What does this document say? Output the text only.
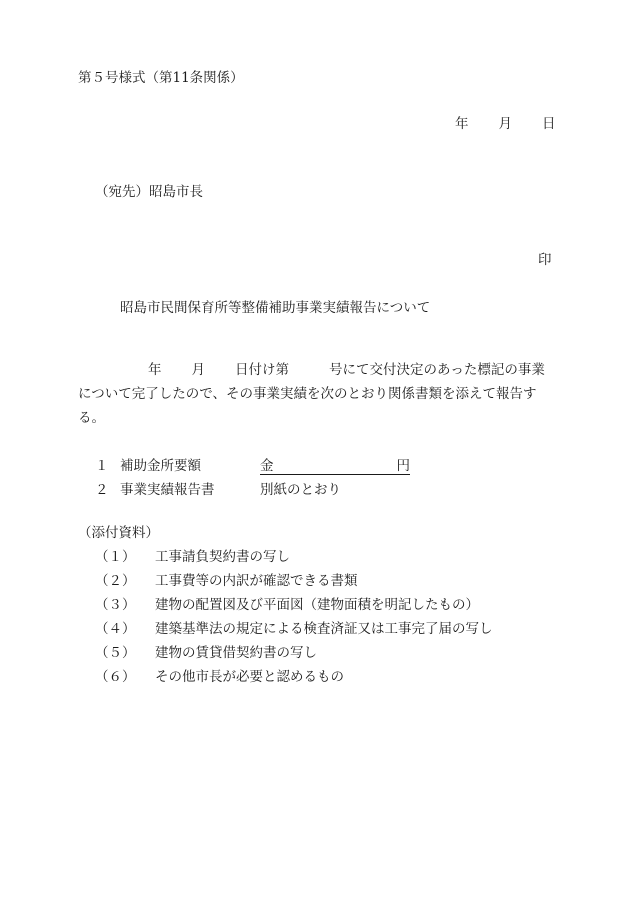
第５号様式（第11条関係）
年 月 日
（宛先）昭島市長
印
昭島市民間保育所等整備補助事業実績報告について
年 月 日付け第	号にて交付決定のあった標記の事業について完了したので、その事業実績を次のとおり関係書類を添えて報告する。
１ 補助金所要額	金	円
２ 事業実績報告書	別紙のとおり
（添付資料）
（１） 工事請負契約書の写し
（２） 工事費等の内訳が確認できる書類
（３） 建物の配置図及び平面図（建物面積を明記したもの）
（４） 建築基準法の規定による検査済証又は工事完了届の写し
（５） 建物の賃貸借契約書の写し
（６） その他市長が必要と認めるもの
